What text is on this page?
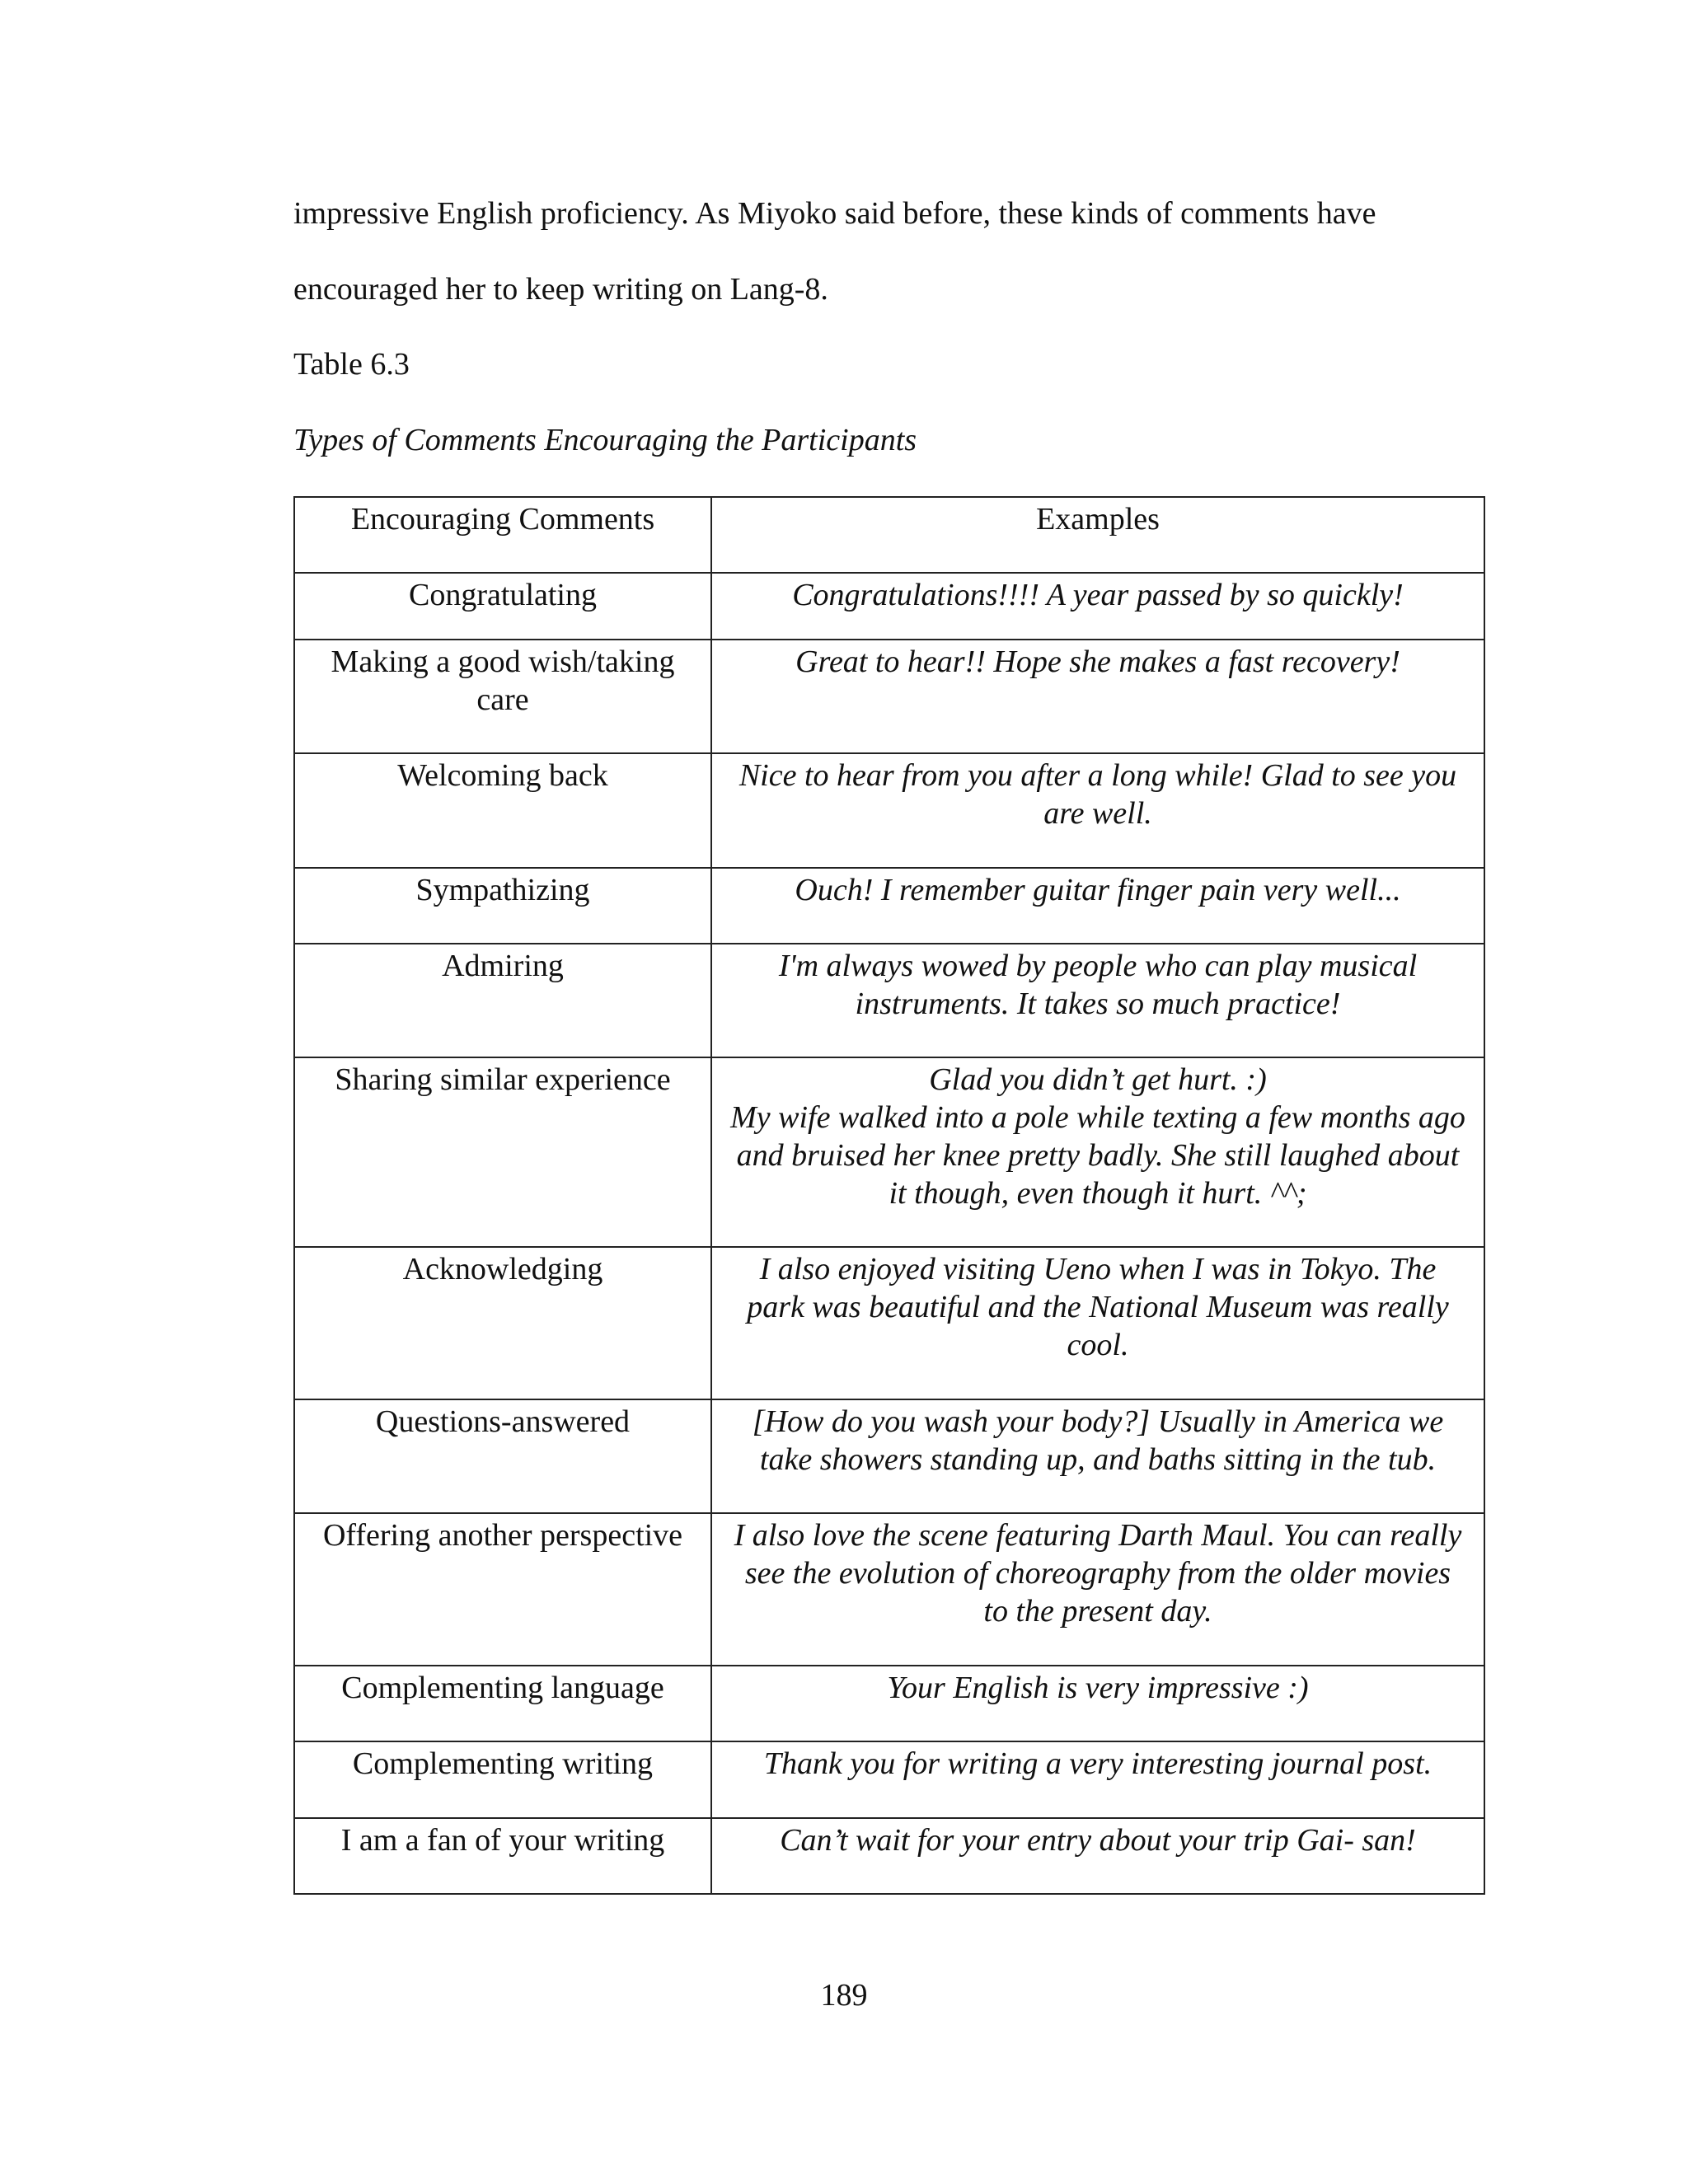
impressive English proficiency. As Miyoko said before, these kinds of comments have
encouraged her to keep writing on Lang-8.
Table 6.3
Types of Comments Encouraging the Participants
Encouraging Comments	Examples
Congratulating	Congratulations!!!! A year passed by so quickly!

Making a good wish/taking care	Great to hear!! Hope she makes a fast recovery!

Welcoming back	Nice to hear from you after a long while! Glad to see you are well.

Sympathizing	Ouch! I remember guitar finger pain very well...

Admiring	I'm always wowed by people who can play musical instruments. It takes so much practice!

Sharing similar experience	Glad you didn’t get hurt. :)
My wife walked into a pole while texting a few months ago and bruised her knee pretty badly. She still laughed about it though, even though it hurt. ^^;

Acknowledging	I also enjoyed visiting Ueno when I was in Tokyo. The park was beautiful and the National Museum was really cool.

Questions-answered	[How do you wash your body?] Usually in America we take showers standing up, and baths sitting in the tub.

Offering another perspective	I also love the scene featuring Darth Maul. You can really see the evolution of choreography from the older movies to the present day.

Complementing language	Your English is very impressive :)

Complementing writing	Thank you for writing a very interesting journal post.

I am a fan of your writing	Can’t wait for your entry about your trip Gai- san!
189
